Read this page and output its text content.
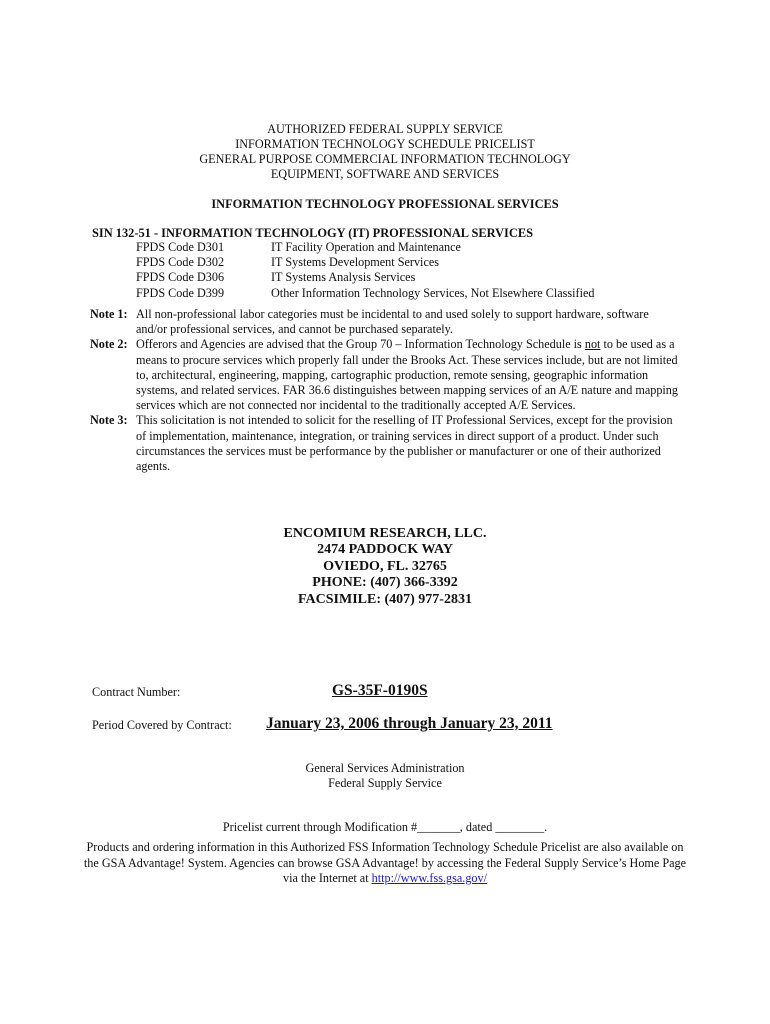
AUTHORIZED FEDERAL SUPPLY SERVICE
INFORMATION TECHNOLOGY SCHEDULE PRICELIST
GENERAL PURPOSE COMMERCIAL INFORMATION TECHNOLOGY
EQUIPMENT, SOFTWARE AND SERVICES
INFORMATION TECHNOLOGY PROFESSIONAL SERVICES
SIN 132-51 - INFORMATION TECHNOLOGY (IT) PROFESSIONAL SERVICES
FPDS Code D301	IT Facility Operation and Maintenance
FPDS Code D302	IT Systems Development Services
FPDS Code D306	IT Systems Analysis Services
FPDS Code D399	Other Information Technology Services, Not Elsewhere Classified
Note 1: All non-professional labor categories must be incidental to and used solely to support hardware, software and/or professional services, and cannot be purchased separately.
Note 2: Offerors and Agencies are advised that the Group 70 – Information Technology Schedule is not to be used as a means to procure services which properly fall under the Brooks Act. These services include, but are not limited to, architectural, engineering, mapping, cartographic production, remote sensing, geographic information systems, and related services. FAR 36.6 distinguishes between mapping services of an A/E nature and mapping services which are not connected nor incidental to the traditionally accepted A/E Services.
Note 3: This solicitation is not intended to solicit for the reselling of IT Professional Services, except for the provision of implementation, maintenance, integration, or training services in direct support of a product. Under such circumstances the services must be performance by the publisher or manufacturer or one of their authorized agents.
ENCOMIUM RESEARCH, LLC.
2474 PADDOCK WAY
OVIEDO, FL. 32765
PHONE: (407) 366-3392
FACSIMILE: (407) 977-2831
Contract Number:	GS-35F-0190S
Period Covered by Contract: January 23, 2006 through January 23, 2011
General Services Administration
Federal Supply Service
Pricelist current through Modification #_______, dated ________.
Products and ordering information in this Authorized FSS Information Technology Schedule Pricelist are also available on the GSA Advantage! System. Agencies can browse GSA Advantage! by accessing the Federal Supply Service’s Home Page via the Internet at http://www.fss.gsa.gov/
